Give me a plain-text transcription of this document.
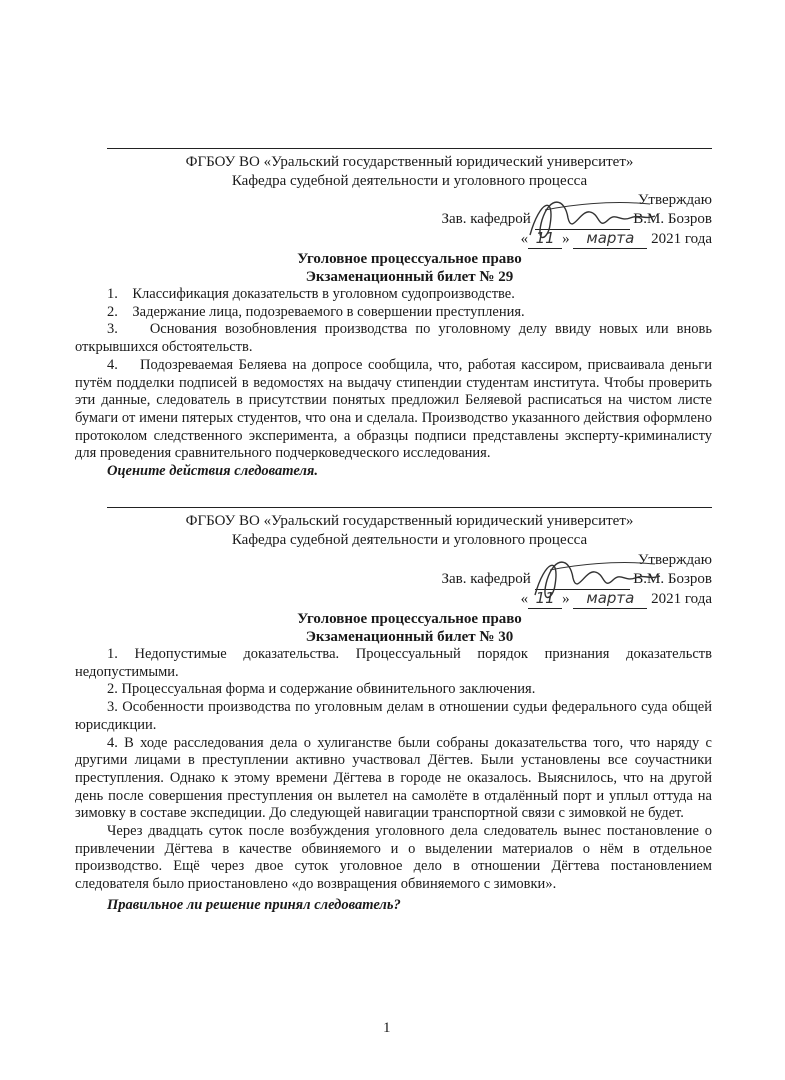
ФГБОУ ВО «Уральский государственный юридический университет»
Кафедра судебной деятельности и уголовного процесса
Утверждаю
Зав. кафедрой	В.М. Бозров
« 11 » марта 2021 года
Уголовное процессуальное право
Экзаменационный билет № 29

1.    Классификация доказательств в уголовном судопроизводстве.

2.    Задержание лица, подозреваемого в совершении преступления.

3.    Основания возобновления производства по уголовному делу ввиду новых или вновь открывшихся обстоятельств.

4.    Подозреваемая Беляева на допросе сообщила, что, работая кассиром, присваивала деньги путём подделки подписей в ведомостях на выдачу стипендии студентам института. Чтобы проверить эти данные, следователь в присутствии понятых предложил Беляевой расписаться на чистом листе бумаги от имени пятерых студентов, что она и сделала. Производство указанного действия оформлено протоколом следственного эксперимента, а образцы подписи представлены эксперту-криминалисту для проведения сравнительного подчерковедческого исследования.

Оцените действия следователя.

ФГБОУ ВО «Уральский государственный юридический университет»
Кафедра судебной деятельности и уголовного процесса
Утверждаю
Зав. кафедрой	В.М. Бозров
« 11 » марта 2021 года
Уголовное процессуальное право
Экзаменационный билет № 30

1. Недопустимые доказательства. Процессуальный порядок признания доказательств недопустимыми.

2. Процессуальная форма и содержание обвинительного заключения.

3. Особенности производства по уголовным делам в отношении судьи федерального суда общей юрисдикции.

4. В ходе расследования дела о хулиганстве были собраны доказательства того, что наряду с другими лицами в преступлении активно участвовал Дёгтев. Были установлены все соучастники преступления. Однако к этому времени Дёгтева в городе не оказалось. Выяснилось, что на другой день после совершения преступления он вылетел на самолёте в отдалённый порт и уплыл оттуда на зимовку в составе экспедиции. До следующей навигации транспортной связи с зимовкой не будет.

Через двадцать суток после возбуждения уголовного дела следователь вынес постановление о привлечении Дёгтева в качестве обвиняемого и о выделении материалов о нём в отдельное производство. Ещё через двое суток уголовное дело в отношении Дёгтева постановлением следователя было приостановлено «до возвращения обвиняемого с зимовки».

Правильное ли решение принял следователь?

1
